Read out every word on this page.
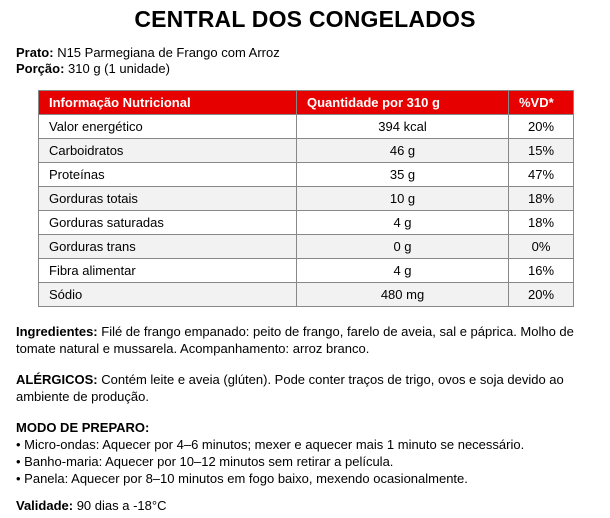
CENTRAL DOS CONGELADOS
Prato: N15 Parmegiana de Frango com Arroz
Porção: 310 g (1 unidade)
Informação Nutricional	Quantidade por 310 g	%VD*
Valor energético	394 kcal	20%
Carboidratos	46 g	15%
Proteínas	35 g	47%
Gorduras totais	10 g	18%
Gorduras saturadas	4 g	18%
Gorduras trans	0 g	0%
Fibra alimentar	4 g	16%
Sódio	480 mg	20%
Ingredientes: Filé de frango empanado: peito de frango, farelo de aveia, sal e páprica. Molho de tomate natural e mussarela. Acompanhamento: arroz branco.
ALÉRGICOS: Contém leite e aveia (glúten). Pode conter traços de trigo, ovos e soja devido ao ambiente de produção.
MODO DE PREPARO:
• Micro-ondas: Aquecer por 4–6 minutos; mexer e aquecer mais 1 minuto se necessário.
• Banho-maria: Aquecer por 10–12 minutos sem retirar a película.
• Panela: Aquecer por 8–10 minutos em fogo baixo, mexendo ocasionalmente.
Validade: 90 dias a -18°C
